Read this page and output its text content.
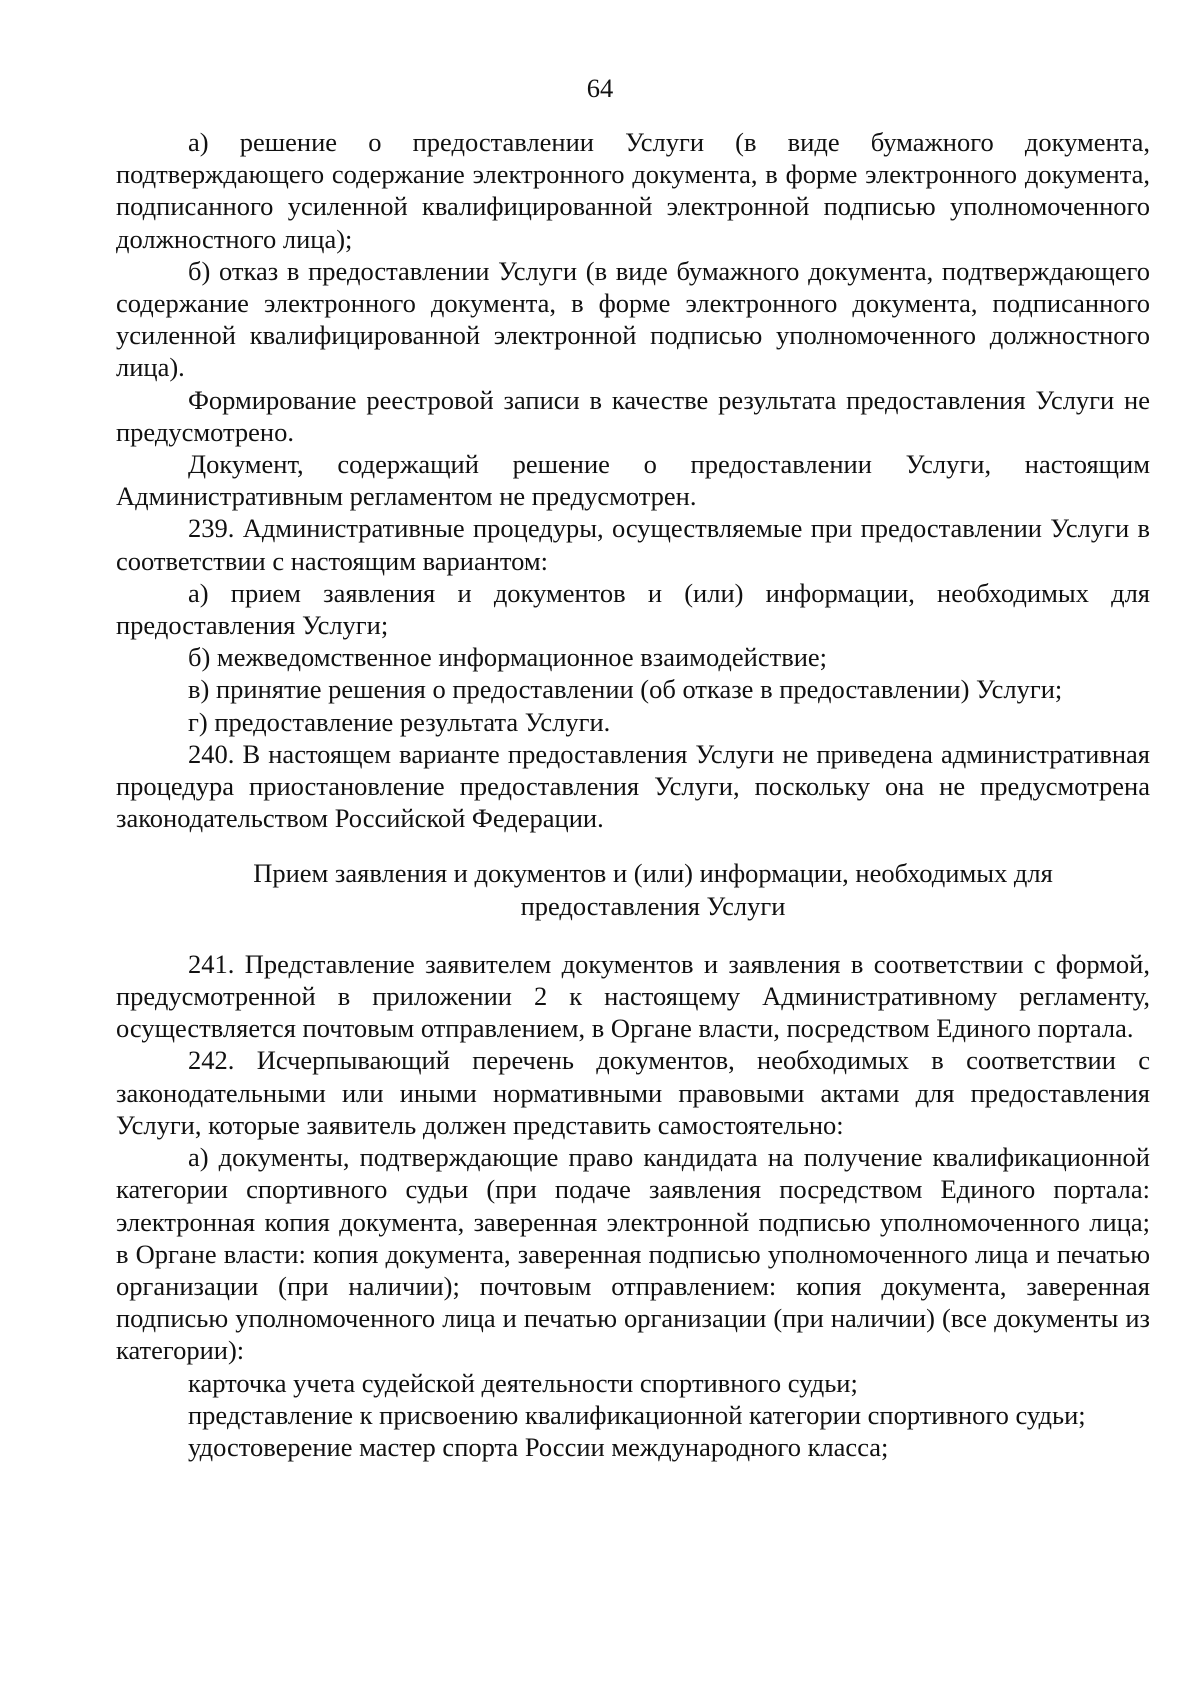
64

а) решение о предоставлении Услуги (в виде бумажного документа, подтверждающего содержание электронного документа, в форме электронного документа, подписанного усиленной квалифицированной электронной подписью уполномоченного должностного лица);

б) отказ в предоставлении Услуги (в виде бумажного документа, подтверждающего содержание электронного документа, в форме электронного документа, подписанного усиленной квалифицированной электронной подписью уполномоченного должностного лица).

Формирование реестровой записи в качестве результата предоставления Услуги не предусмотрено.

Документ, содержащий решение о предоставлении Услуги, настоящим Административным регламентом не предусмотрен.

239. Административные процедуры, осуществляемые при предоставлении Услуги в соответствии с настоящим вариантом:

а) прием заявления и документов и (или) информации, необходимых для предоставления Услуги;

б) межведомственное информационное взаимодействие;

в) принятие решения о предоставлении (об отказе в предоставлении) Услуги;

г) предоставление результата Услуги.

240. В настоящем варианте предоставления Услуги не приведена административная процедура приостановление предоставления Услуги, поскольку она не предусмотрена законодательством Российской Федерации.

Прием заявления и документов и (или) информации, необходимых для предоставления Услуги

241. Представление заявителем документов и заявления в соответствии с формой, предусмотренной в приложении 2 к настоящему Административному регламенту, осуществляется почтовым отправлением, в Органе власти, посредством Единого портала.

242. Исчерпывающий перечень документов, необходимых в соответствии с законодательными или иными нормативными правовыми актами для предоставления Услуги, которые заявитель должен представить самостоятельно:

а) документы, подтверждающие право кандидата на получение квалификационной категории спортивного судьи (при подаче заявления посредством Единого портала: электронная копия документа, заверенная электронной подписью уполномоченного лица; в Органе власти: копия документа, заверенная подписью уполномоченного лица и печатью организации (при наличии); почтовым отправлением: копия документа, заверенная подписью уполномоченного лица и печатью организации (при наличии) (все документы из категории):

карточка учета судейской деятельности спортивного судьи;

представление к присвоению квалификационной категории спортивного судьи;

удостоверение мастер спорта России международного класса;
